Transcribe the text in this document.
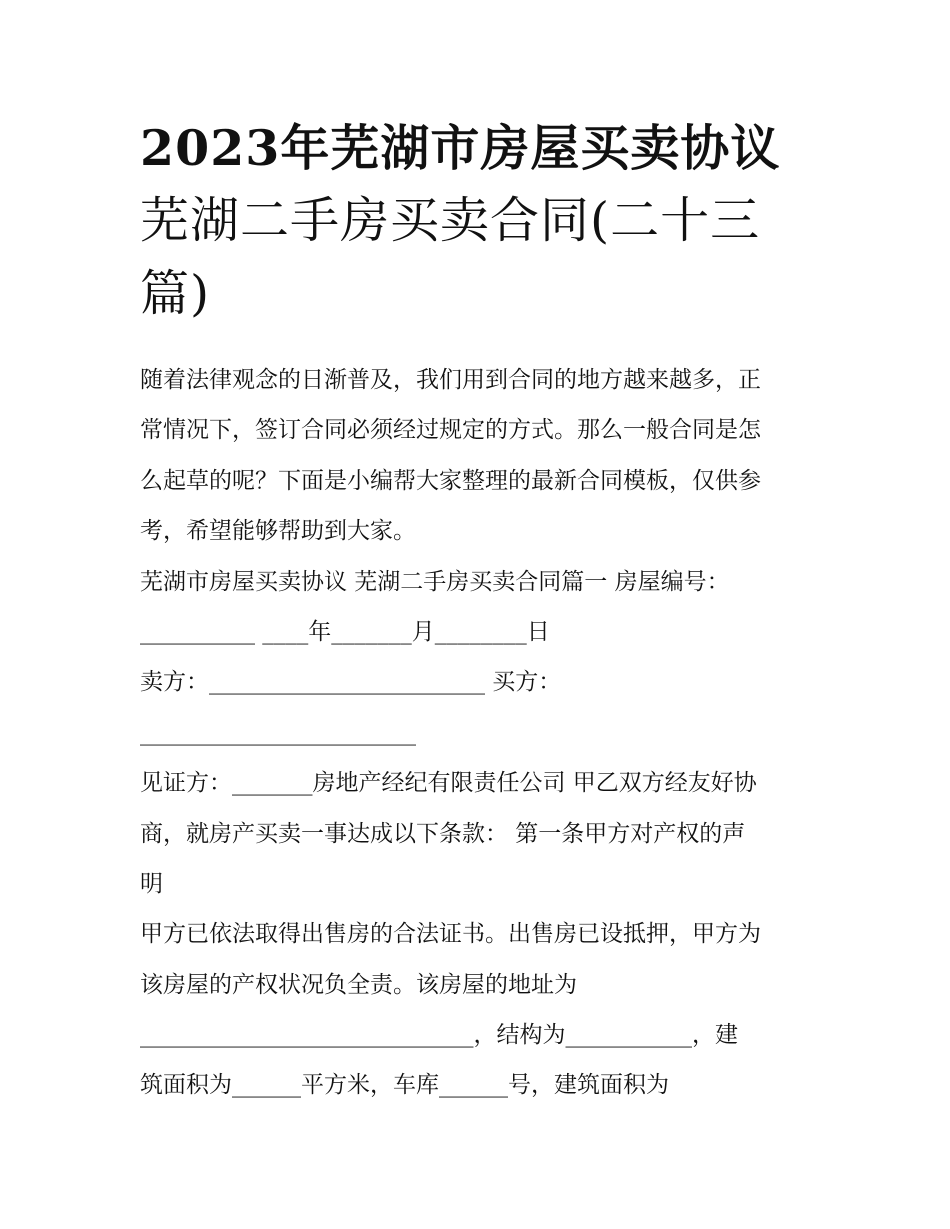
2023年芜湖市房屋买卖协议
芜湖二手房买卖合同(二十三
篇)
随着法律观念的日渐普及，我们用到合同的地方越来越多，正
常情况下，签订合同必须经过规定的方式。那么一般合同是怎
么起草的呢？下面是小编帮大家整理的最新合同模板，仅供参
考，希望能够帮助到大家。
芜湖市房屋买卖协议 芜湖二手房买卖合同篇一 房屋编号：
__________ ____年_______月________日
卖方：________________________ 买方：
________________________
见证方：_______房地产经纪有限责任公司 甲乙双方经友好协
商，就房产买卖一事达成以下条款： 第一条甲方对产权的声
明
甲方已依法取得出售房的合法证书。出售房已设抵押，甲方为
该房屋的产权状况负全责。该房屋的地址为
_____________________________，结构为___________，建
筑面积为______平方米，车库______号，建筑面积为
